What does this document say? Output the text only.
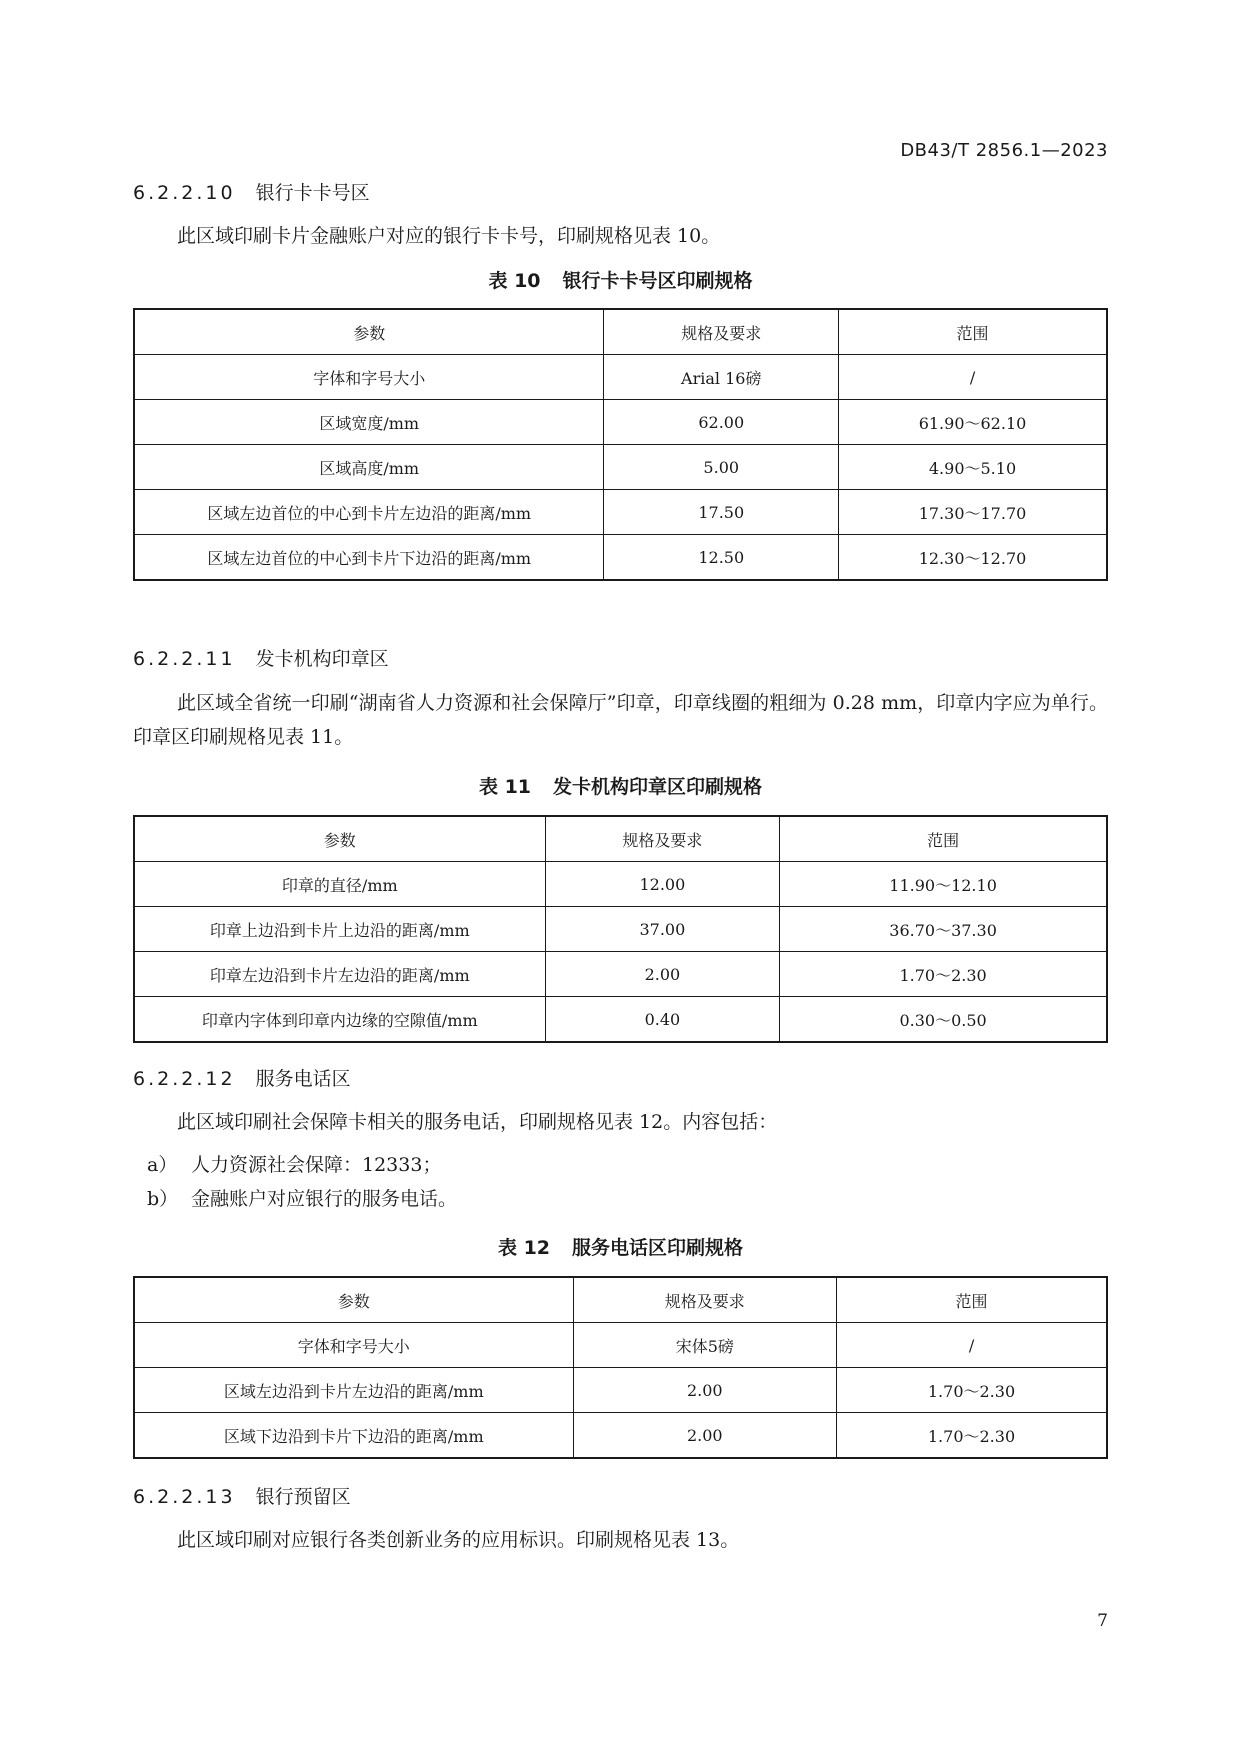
DB43/T 2856.1—2023
6.2.2.10 银行卡卡号区
此区域印刷卡片金融账户对应的银行卡卡号，印刷规格见表 10。
表 10 银行卡卡号区印刷规格
参数	规格及要求	范围
字体和字号大小	Arial 16磅	/
区域宽度/mm	62.00	61.90～62.10
区域高度/mm	5.00	4.90～5.10
区域左边首位的中心到卡片左边沿的距离/mm	17.50	17.30～17.70
区域左边首位的中心到卡片下边沿的距离/mm	12.50	12.30～12.70
6.2.2.11 发卡机构印章区
此区域全省统一印刷“湖南省人力资源和社会保障厅”印章，印章线圈的粗细为 0.28 mm，印章内字应为单行。印章区印刷规格见表 11。
表 11 发卡机构印章区印刷规格
参数	规格及要求	范围
印章的直径/mm	12.00	11.90～12.10
印章上边沿到卡片上边沿的距离/mm	37.00	36.70～37.30
印章左边沿到卡片左边沿的距离/mm	2.00	1.70～2.30
印章内字体到印章内边缘的空隙值/mm	0.40	0.30～0.50
6.2.2.12 服务电话区
此区域印刷社会保障卡相关的服务电话，印刷规格见表 12。内容包括：
a） 人力资源社会保障：12333；
b） 金融账户对应银行的服务电话。
表 12 服务电话区印刷规格
参数	规格及要求	范围
字体和字号大小	宋体5磅	/
区域左边沿到卡片左边沿的距离/mm	2.00	1.70～2.30
区域下边沿到卡片下边沿的距离/mm	2.00	1.70～2.30
6.2.2.13 银行预留区
此区域印刷对应银行各类创新业务的应用标识。印刷规格见表 13。
7
